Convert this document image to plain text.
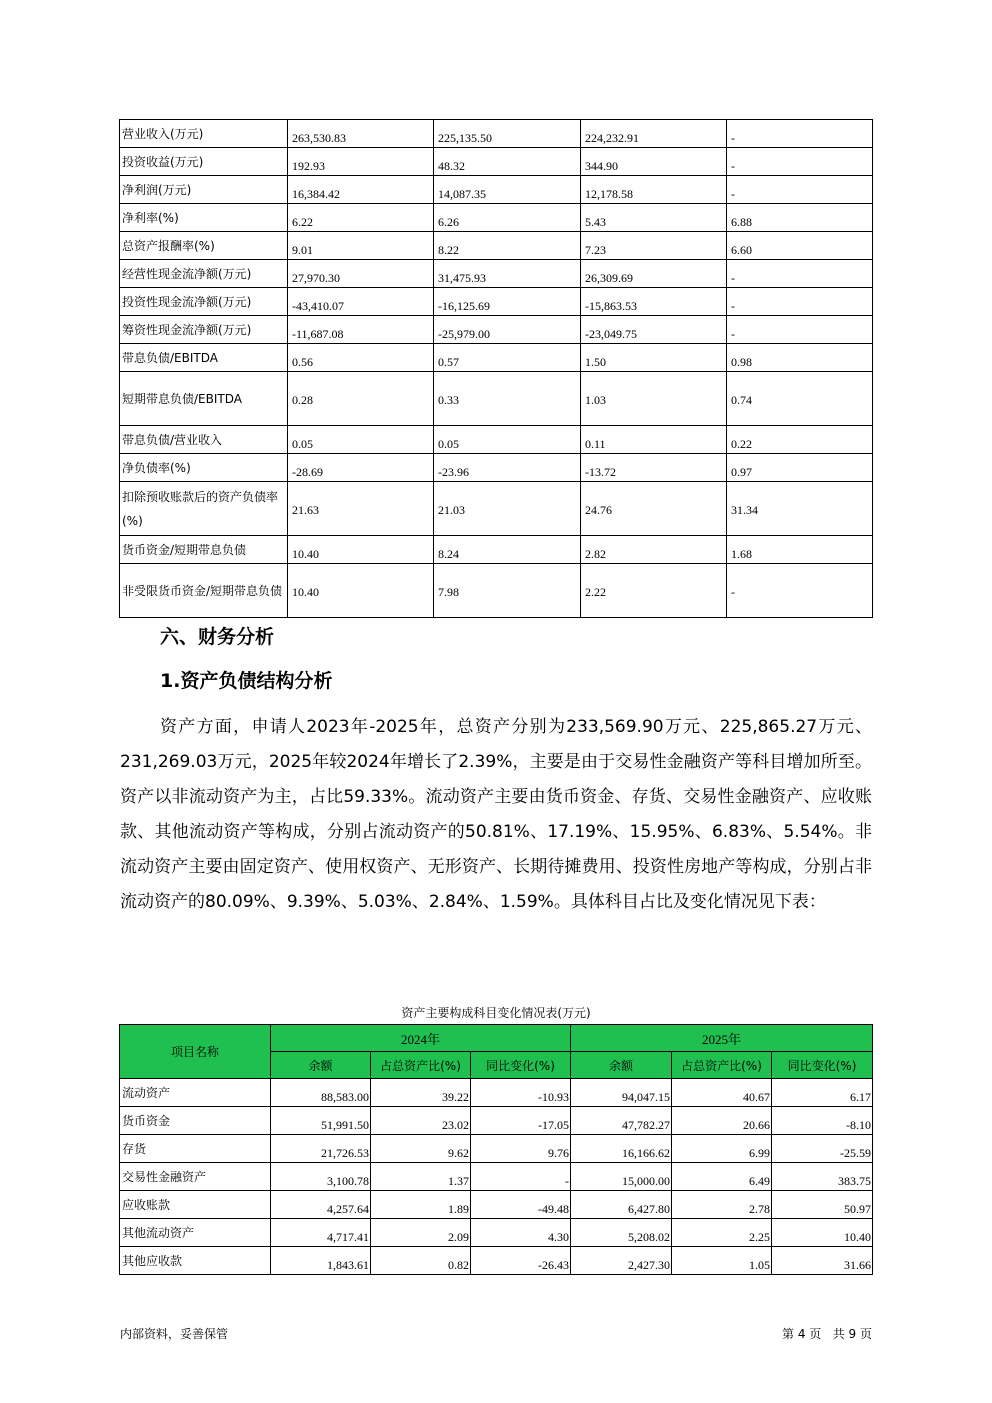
营业收入(万元)	263,530.83	225,135.50	224,232.91	-
投资收益(万元)	192.93	48.32	344.90	-
净利润(万元)	16,384.42	14,087.35	12,178.58	-
净利率(%)	6.22	6.26	5.43	6.88
总资产报酬率(%)	9.01	8.22	7.23	6.60
经营性现金流净额(万元)	27,970.30	31,475.93	26,309.69	-
投资性现金流净额(万元)	-43,410.07	-16,125.69	-15,863.53	-
筹资性现金流净额(万元)	-11,687.08	-25,979.00	-23,049.75	-
带息负债/EBITDA	0.56	0.57	1.50	0.98
短期带息负债/EBITDA	0.28	0.33	1.03	0.74
带息负债/营业收入	0.05	0.05	0.11	0.22
净负债率(%)	-28.69	-23.96	-13.72	0.97
扣除预收账款后的资产负债率(%)	21.63	21.03	24.76	31.34
货币资金/短期带息负债	10.40	8.24	2.82	1.68
非受限货币资金/短期带息负债	10.40	7.98	2.22	-
六、财务分析
1.资产负债结构分析
资产方面，申请人2023年-2025年，总资产分别为233,569.90万元、225,865.27万元、231,269.03万元，2025年较2024年增长了2.39%，主要是由于交易性金融资产等科目增加所至。资产以非流动资产为主，占比59.33%。流动资产主要由货币资金、存货、交易性金融资产、应收账款、其他流动资产等构成，分别占流动资产的50.81%、17.19%、15.95%、6.83%、5.54%。非流动资产主要由固定资产、使用权资产、无形资产、长期待摊费用、投资性房地产等构成，分别占非流动资产的80.09%、9.39%、5.03%、2.84%、1.59%。具体科目占比及变化情况见下表：
资产主要构成科目变化情况表(万元)
项目名称	2024年			2025年		
	余额	占总资产比(%)	同比变化(%)	余额	占总资产比(%)	同比变化(%)
流动资产	88,583.00	39.22	-10.93	94,047.15	40.67	6.17
货币资金	51,991.50	23.02	-17.05	47,782.27	20.66	-8.10
存货	21,726.53	9.62	9.76	16,166.62	6.99	-25.59
交易性金融资产	3,100.78	1.37	-	15,000.00	6.49	383.75
应收账款	4,257.64	1.89	-49.48	6,427.80	2.78	50.97
其他流动资产	4,717.41	2.09	4.30	5,208.02	2.25	10.40
其他应收款	1,843.61	0.82	-26.43	2,427.30	1.05	31.66
内部资料，妥善保管	第 4 页   共 9 页
